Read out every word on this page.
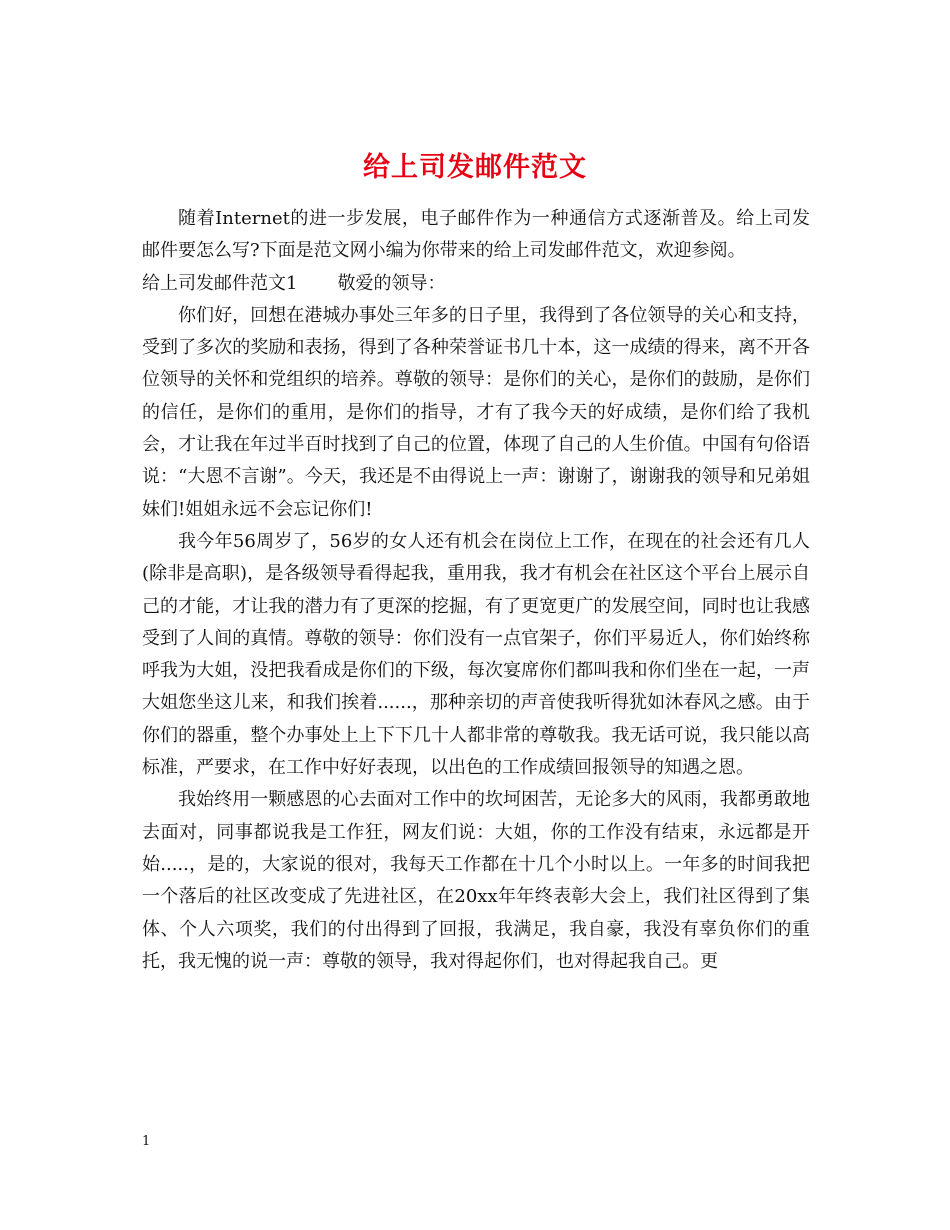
给上司发邮件范文

随着Internet的进一步发展，电子邮件作为一种通信方式逐渐普及。给上司发邮件要怎么写?下面是范文网小编为你带来的给上司发邮件范文，欢迎参阅。

给上司发邮件范文1 敬爱的领导：

你们好，回想在港城办事处三年多的日子里，我得到了各位领导的关心和支持，受到了多次的奖励和表扬，得到了各种荣誉证书几十本，这一成绩的得来，离不开各位领导的关怀和党组织的培养。尊敬的领导：是你们的关心，是你们的鼓励，是你们的信任，是你们的重用，是你们的指导，才有了我今天的好成绩，是你们给了我机会，才让我在年过半百时找到了自己的位置，体现了自己的人生价值。中国有句俗语说：“大恩不言谢”。今天，我还是不由得说上一声：谢谢了，谢谢我的领导和兄弟姐妹们!姐姐永远不会忘记你们!

我今年56周岁了，56岁的女人还有机会在岗位上工作，在现在的社会还有几人(除非是高职)，是各级领导看得起我，重用我，我才有机会在社区这个平台上展示自己的才能，才让我的潜力有了更深的挖掘，有了更宽更广的发展空间，同时也让我感受到了人间的真情。尊敬的领导：你们没有一点官架子，你们平易近人，你们始终称呼我为大姐，没把我看成是你们的下级，每次宴席你们都叫我和你们坐在一起，一声大姐您坐这儿来，和我们挨着......，那种亲切的声音使我听得犹如沐春风之感。由于你们的器重，整个办事处上上下下几十人都非常的尊敬我。我无话可说，我只能以高标准，严要求，在工作中好好表现，以出色的工作成绩回报领导的知遇之恩。

我始终用一颗感恩的心去面对工作中的坎坷困苦，无论多大的风雨，我都勇敢地去面对，同事都说我是工作狂，网友们说：大姐，你的工作没有结束，永远都是开始.....，是的，大家说的很对，我每天工作都在十几个小时以上。一年多的时间我把一个落后的社区改变成了先进社区，在20xx年年终表彰大会上，我们社区得到了集体、个人六项奖，我们的付出得到了回报，我满足，我自豪，我没有辜负你们的重托，我无愧的说一声：尊敬的领导，我对得起你们，也对得起我自己。更

1
